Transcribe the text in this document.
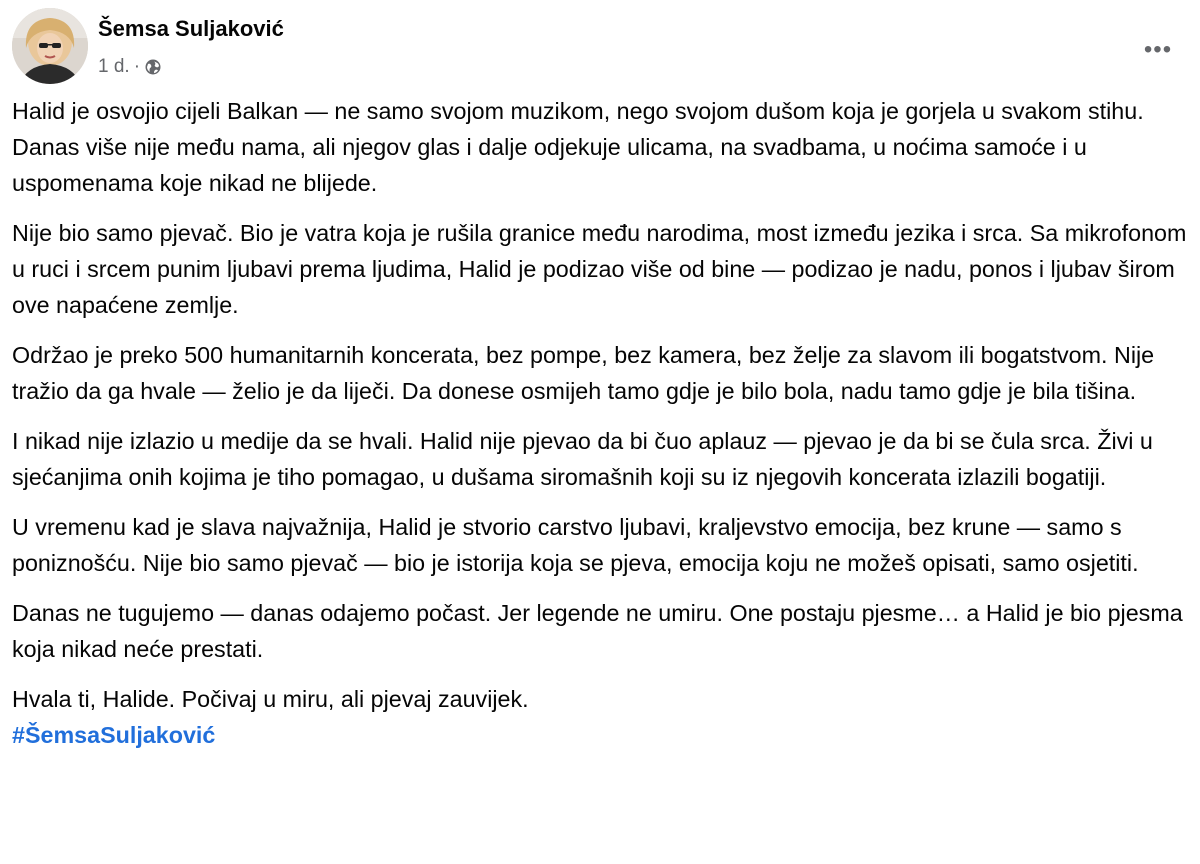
Šemsa Suljaković
1 d. ·
•••

Halid je osvojio cijeli Balkan — ne samo svojom muzikom, nego svojom dušom koja je gorjela u svakom stihu. Danas više nije među nama, ali njegov glas i dalje odjekuje ulicama, na svadbama, u noćima samoće i u uspomenama koje nikad ne blijede.

Nije bio samo pjevač. Bio je vatra koja je rušila granice među narodima, most između jezika i srca. Sa mikrofonom u ruci i srcem punim ljubavi prema ljudima, Halid je podizao više od bine — podizao je nadu, ponos i ljubav širom ove napaćene zemlje.

Održao je preko 500 humanitarnih koncerata, bez pompe, bez kamera, bez želje za slavom ili bogatstvom. Nije tražio da ga hvale — želio je da liječi. Da donese osmijeh tamo gdje je bilo bola, nadu tamo gdje je bila tišina.

I nikad nije izlazio u medije da se hvali. Halid nije pjevao da bi čuo aplauz — pjevao je da bi se čula srca. Živi u sjećanjima onih kojima je tiho pomagao, u dušama siromašnih koji su iz njegovih koncerata izlazili bogatiji.

U vremenu kad je slava najvažnija, Halid je stvorio carstvo ljubavi, kraljevstvo emocija, bez krune — samo s poniznošću. Nije bio samo pjevač — bio je istorija koja se pjeva, emocija koju ne možeš opisati, samo osjetiti.

Danas ne tugujemo — danas odajemo počast. Jer legende ne umiru. One postaju pjesme… a Halid je bio pjesma koja nikad neće prestati.

Hvala ti, Halide. Počivaj u miru, ali pjevaj zauvijek.
#ŠemsaSuljaković
